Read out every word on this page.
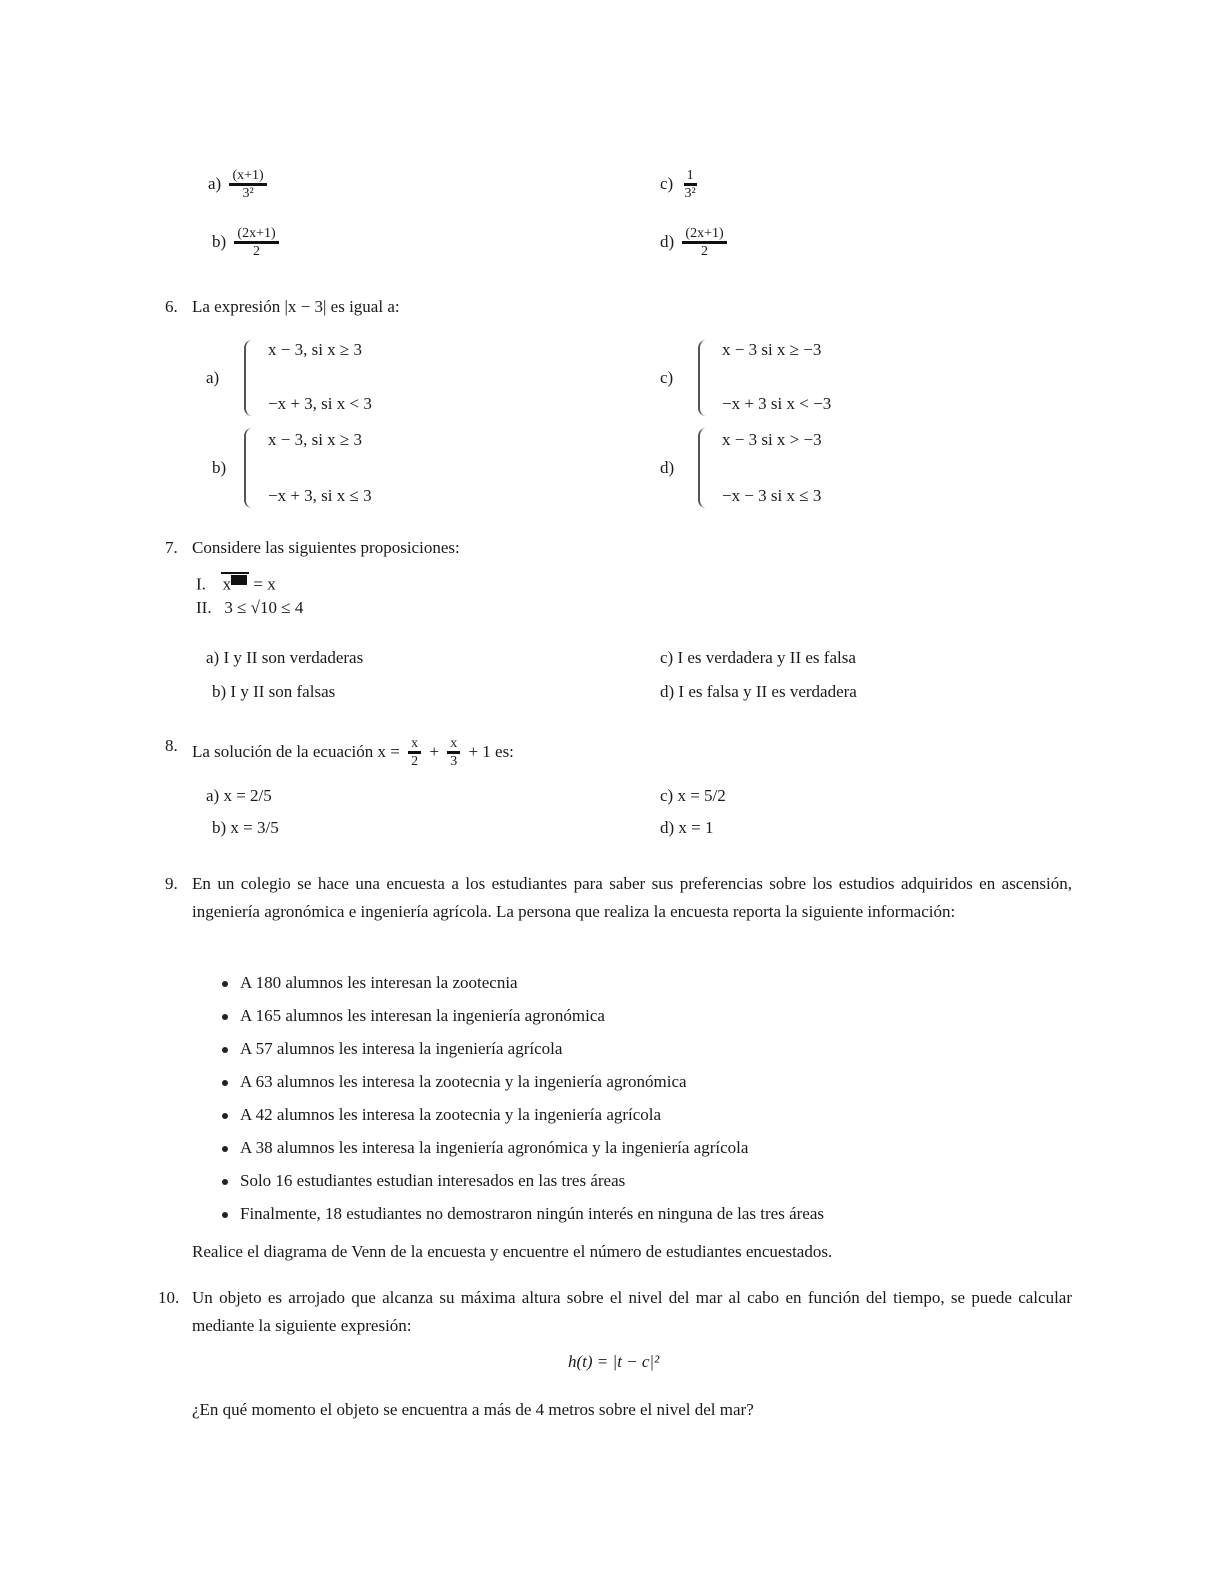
$a) \frac{(x+1)}{\text{3²}}$	$c) \frac{1}{\text{3²}}$
$b) \frac{(2x+1)}{2}$	$d) \frac{(2x+1)}{2}$
6. La expresión |x − 3| es igual a:
a)
x − 3, si x ≥ 3
−x + 3, si x < 3
c)
x − 3 si x ≥ −3
−x + 3 si x < −3
b)
x − 3, si x ≥ 3
−x + 3, si x ≤ 3
d)
x − 3 si x > −3
−x − 3 si x ≤ 3
7. Considere las siguientes proposiciones:
I. x = x
II. 3 ≤ √10 ≤ 4
a) I y II son verdaderas	c) I es verdadera y II es falsa
b) I y II son falsas	d) I es falsa y II es verdadera
8. La solución de la ecuación $x = \frac{x}{2} + \frac{x}{3} + 1$ es:
a) x = 2/5	c) x = 5/2
b) x = 3/5	d) x = 1
9. En un colegio se hace una encuesta a los estudiantes para saber sus preferencias sobre los estudios adquiridos en ascensión, ingeniería agronómica e ingeniería agrícola. La persona que realiza la encuesta reporta la siguiente información:
A 180 alumnos les interesan la zootecnia
A 165 alumnos les interesan la ingeniería agronómica
A 57 alumnos les interesa la ingeniería agrícola
A 63 alumnos les interesa la zootecnia y la ingeniería agronómica
A 42 alumnos les interesa la zootecnia y la ingeniería agrícola
A 38 alumnos les interesa la ingeniería agronómica y la ingeniería agrícola
Solo 16 estudiantes estudian interesados en las tres áreas
Finalmente, 18 estudiantes no demostraron ningún interés en ninguna de las tres áreas
Realice el diagrama de Venn de la encuesta y encuentre el número de estudiantes encuestados.
10. Un objeto es arrojado que alcanza su máxima altura sobre el nivel del mar al cabo en función del tiempo, se puede calcular mediante la siguiente expresión:
h(t) = |t − c|²
¿En qué momento el objeto se encuentra a más de 4 metros sobre el nivel del mar?
